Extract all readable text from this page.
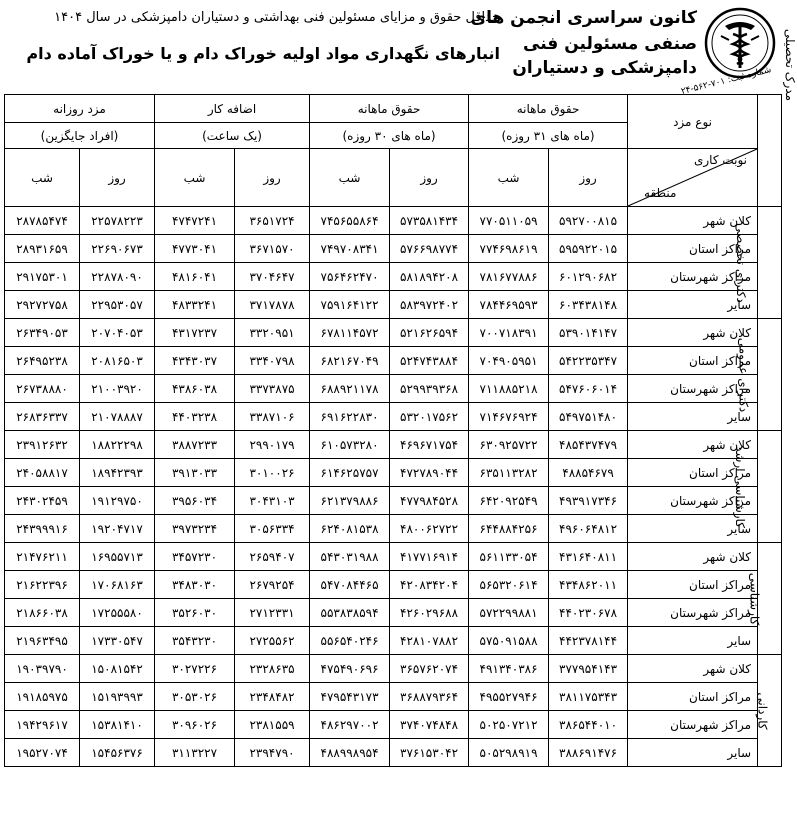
کانون سراسری انجمن های
صنفی مسئولین فنی
دامپزشکی و دستیاران
شماره ثبت: ۷۰۱-۵۶۲-۲۴
حداقل حقوق و مزایای مسئولین فنی بهداشتی و دستیاران دامپزشکی در سال ۱۴۰۴
انبارهای نگهداری مواد اولیه خوراک دام و یا خوراک آماده دام	مدرک تحصیلی	نوع مزد	حقوق ماهانه		حقوق ماهانه		اضافه کار		مزد روزانه	
		(ماه های ۳۱ روزه)		(ماه های ۳۰ روزه)		(یک ساعت)		(افراد جایگزین)	

	نوبت کاری
منطقه	روز	شب	روز	شب	روز	شب	روز	شب
دکترای تخصصی	کلان شهر	۵۹۲۷۰۰۸۱۵	۷۷۰۵۱۱۰۵۹	۵۷۳۵۸۱۴۳۴	۷۴۵۶۵۵۸۶۴	۳۶۵۱۷۲۴	۴۷۴۷۲۴۱	۲۲۵۷۸۲۲۳	۲۸۷۸۵۴۷۴
	مراکز استان	۵۹۵۹۲۲۰۱۵	۷۷۴۶۹۸۶۱۹	۵۷۶۶۹۸۷۷۴	۷۴۹۷۰۸۳۴۱	۳۶۷۱۵۷۰	۴۷۷۳۰۴۱	۲۲۶۹۰۶۷۳	۲۸۹۳۱۶۵۹
	مراکز شهرستان	۶۰۱۲۹۰۶۸۲	۷۸۱۶۷۷۸۸۶	۵۸۱۸۹۴۲۰۸	۷۵۶۴۶۲۴۷۰	۳۷۰۴۶۴۷	۴۸۱۶۰۴۱	۲۲۸۷۸۰۹۰	۲۹۱۷۵۳۰۱
	سایر	۶۰۳۴۳۸۱۴۸	۷۸۴۴۶۹۵۹۳	۵۸۳۹۷۲۴۰۲	۷۵۹۱۶۴۱۲۲	۳۷۱۷۸۷۸	۴۸۳۳۲۴۱	۲۲۹۵۳۰۵۷	۲۹۲۷۲۷۵۸
دکترای عمومی	کلان شهر	۵۳۹۰۱۴۱۴۷	۷۰۰۷۱۸۳۹۱	۵۲۱۶۲۶۵۹۴	۶۷۸۱۱۴۵۷۲	۳۳۲۰۹۵۱	۴۳۱۷۲۳۷	۲۰۷۰۴۰۵۳	۲۶۳۴۹۰۵۳
	مراکز استان	۵۴۲۲۳۵۳۴۷	۷۰۴۹۰۵۹۵۱	۵۲۴۷۴۳۸۸۴	۶۸۲۱۶۷۰۴۹	۳۳۴۰۷۹۸	۴۳۴۳۰۳۷	۲۰۸۱۶۵۰۳	۲۶۴۹۵۲۳۸
	مراکز شهرستان	۵۴۷۶۰۶۰۱۴	۷۱۱۸۸۵۲۱۸	۵۲۹۹۳۹۳۶۸	۶۸۸۹۲۱۱۷۸	۳۳۷۳۸۷۵	۴۳۸۶۰۳۸	۲۱۰۰۳۹۲۰	۲۶۷۳۸۸۸۰
	سایر	۵۴۹۷۵۱۴۸۰	۷۱۴۶۷۶۹۲۴	۵۳۲۰۱۷۵۶۲	۶۹۱۶۲۲۸۳۰	۳۳۸۷۱۰۶	۴۴۰۳۲۳۸	۲۱۰۷۸۸۸۷	۲۶۸۳۶۳۳۷
کارشناسی ارشد	کلان شهر	۴۸۵۴۳۷۴۷۹	۶۳۰۹۲۵۷۲۲	۴۶۹۶۷۱۷۵۴	۶۱۰۵۷۳۲۸۰	۲۹۹۰۱۷۹	۳۸۸۷۲۳۳	۱۸۸۲۲۲۹۸	۲۳۹۱۲۶۳۲
	مراکز استان	۴۸۸۵۴۶۷۹	۶۳۵۱۱۳۲۸۲	۴۷۲۷۸۹۰۴۴	۶۱۴۶۲۵۷۵۷	۳۰۱۰۰۲۶	۳۹۱۳۰۳۳	۱۸۹۴۲۳۹۳	۲۴۰۵۸۸۱۷
	مراکز شهرستان	۴۹۳۹۱۷۳۴۶	۶۴۲۰۹۲۵۴۹	۴۷۷۹۸۴۵۲۸	۶۲۱۳۷۹۸۸۶	۳۰۴۳۱۰۳	۳۹۵۶۰۳۴	۱۹۱۲۹۷۵۰	۲۴۳۰۲۴۵۹
	سایر	۴۹۶۰۶۴۸۱۲	۶۴۴۸۸۴۲۵۶	۴۸۰۰۶۲۷۲۲	۶۲۴۰۸۱۵۳۸	۳۰۵۶۳۳۴	۳۹۷۳۲۳۴	۱۹۲۰۴۷۱۷	۲۴۳۹۹۹۱۶
کارشناسی	کلان شهر	۴۳۱۶۴۰۸۱۱	۵۶۱۱۳۳۰۵۴	۴۱۷۷۱۶۹۱۴	۵۴۳۰۳۱۹۸۸	۲۶۵۹۴۰۷	۳۴۵۷۲۳۰	۱۶۹۵۵۷۱۳	۲۱۴۷۶۲۱۱
	مراکز استان	۴۳۴۸۶۲۰۱۱	۵۶۵۳۲۰۶۱۴	۴۲۰۸۳۴۲۰۴	۵۴۷۰۸۴۴۶۵	۲۶۷۹۲۵۴	۳۴۸۳۰۳۰	۱۷۰۶۸۱۶۳	۲۱۶۲۲۳۹۶
	مراکز شهرستان	۴۴۰۲۳۰۶۷۸	۵۷۲۲۹۹۸۸۱	۴۲۶۰۲۹۶۸۸	۵۵۳۸۳۸۵۹۴	۲۷۱۲۳۳۱	۳۵۲۶۰۳۰	۱۷۲۵۵۵۸۰	۲۱۸۶۶۰۳۸
	سایر	۴۴۲۳۷۸۱۴۴	۵۷۵۰۹۱۵۸۸	۴۲۸۱۰۷۸۸۲	۵۵۶۵۴۰۲۴۶	۲۷۲۵۵۶۲	۳۵۴۳۲۳۰	۱۷۳۳۰۵۴۷	۲۱۹۶۳۴۹۵
کاردانی	کلان شهر	۳۷۷۹۵۴۱۴۳	۴۹۱۳۴۰۳۸۶	۳۶۵۷۶۲۰۷۴	۴۷۵۴۹۰۶۹۶	۲۳۲۸۶۳۵	۳۰۲۷۲۲۶	۱۵۰۸۱۵۴۲	۱۹۰۳۹۷۹۰
	مراکز استان	۳۸۱۱۷۵۳۴۳	۴۹۵۵۲۷۹۴۶	۳۶۸۸۷۹۳۶۴	۴۷۹۵۴۳۱۷۳	۲۳۴۸۴۸۲	۳۰۵۳۰۲۶	۱۵۱۹۳۹۹۳	۱۹۱۸۵۹۷۵
	مراکز شهرستان	۳۸۶۵۴۴۰۱۰	۵۰۲۵۰۷۲۱۲	۳۷۴۰۷۴۸۴۸	۴۸۶۲۹۷۰۰۲	۲۳۸۱۵۵۹	۳۰۹۶۰۲۶	۱۵۳۸۱۴۱۰	۱۹۴۲۹۶۱۷
	سایر	۳۸۸۶۹۱۴۷۶	۵۰۵۲۹۸۹۱۹	۳۷۶۱۵۳۰۴۲	۴۸۸۹۹۸۹۵۴	۲۳۹۴۷۹۰	۳۱۱۳۲۲۷	۱۵۴۵۶۳۷۶	۱۹۵۲۷۰۷۴
